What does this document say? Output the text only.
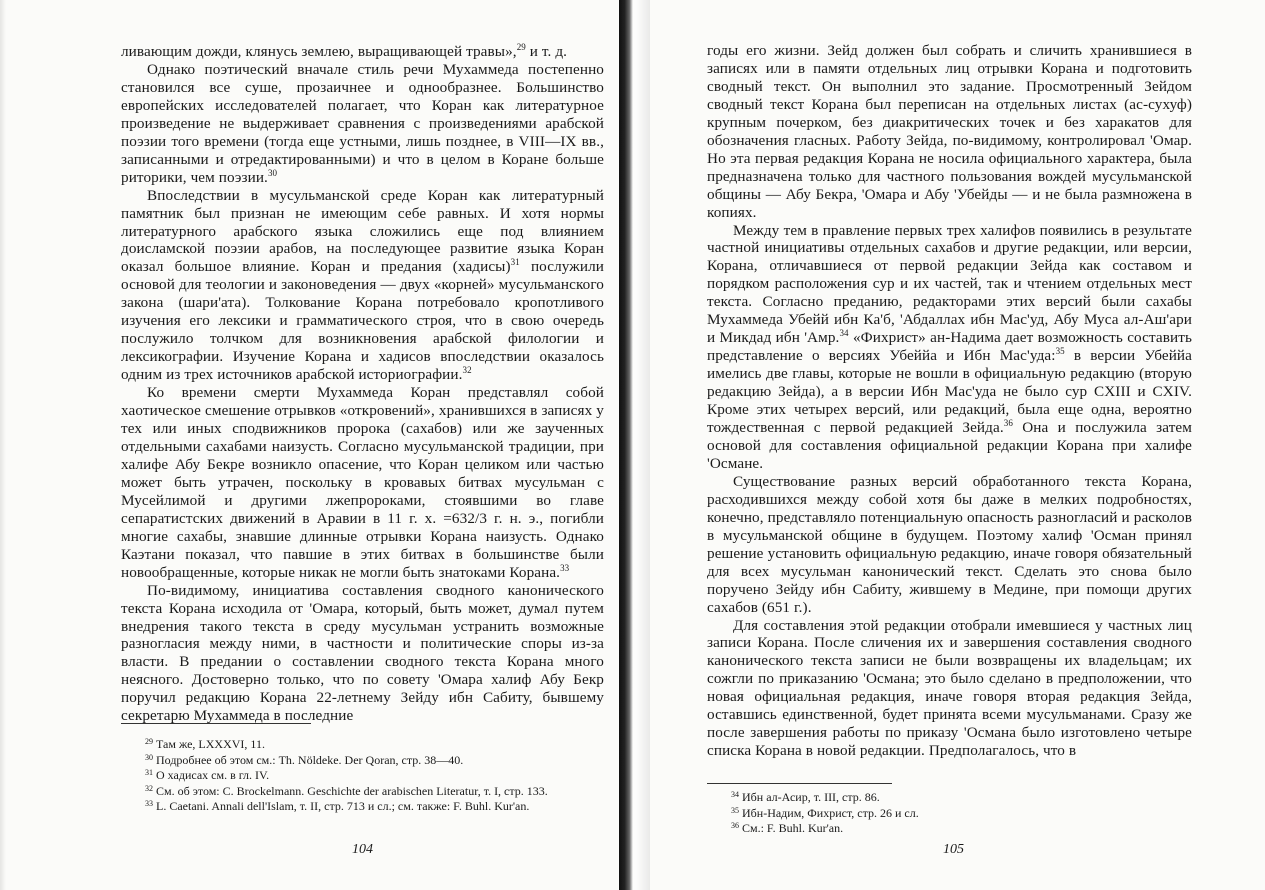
ливающим дожди, клянусь землею, выращивающей травы»,$^{29}$ и т. д.

Однако поэтический вначале стиль речи Мухаммеда постепенно становился все суше, прозаичнее и однообразнее. Большинство европейских исследователей полагает, что Коран как литературное произведение не выдерживает сравнения с произведениями арабской поэзии того времени (тогда еще устными, лишь позднее, в VIII—IX вв., записанными и отредактированными) и что в целом в Коране больше риторики, чем поэзии.$^{30}$

Впоследствии в мусульманской среде Коран как литературный памятник был признан не имеющим себе равных. И хотя нормы литературного арабского языка сложились еще под влиянием доисламской поэзии арабов, на последующее развитие языка Коран оказал большое влияние. Коран и предания (хадисы)$^{31}$ послужили основой для теологии и законоведения — двух «корней» мусульманского закона (шари'ата). Толкование Корана потребовало кропотливого изучения его лексики и грамматического строя, что в свою очередь послужило толчком для возникновения арабской филологии и лексикографии. Изучение Корана и хадисов впоследствии оказалось одним из трех источников арабской историографии.$^{32}$

Ко времени смерти Мухаммеда Коран представлял собой хаотическое смешение отрывков «откровений», хранившихся в записях у тех или иных сподвижников пророка (сахабов) или же заученных отдельными сахабами наизусть. Согласно мусульманской традиции, при халифе Абу Бекре возникло опасение, что Коран целиком или частью может быть утрачен, поскольку в кровавых битвах мусульман с Мусейлимой и другими лжепророками, стоявшими во главе сепаратистских движений в Аравии в 11 г. х. =632/3 г. н. э., погибли многие сахабы, знавшие длинные отрывки Корана наизусть. Однако Каэтани показал, что павшие в этих битвах в большинстве были новообращенные, которые никак не могли быть знатоками Корана.$^{33}$

По-видимому, инициатива составления сводного канонического текста Корана исходила от 'Омара, который, быть может, думал путем внедрения такого текста в среду мусульман устранить возможные разногласия между ними, в частности и политические споры из-за власти. В предании о составлении сводного текста Корана много неясного. Достоверно только, что по совету 'Омара халиф Абу Бекр поручил редакцию Корана 22-летнему Зейду ибн Сабиту, бывшему секретарю Мухаммеда в последние

$^{29}$ Там же, LXXXVI, 11.

$^{30}$ Подробнее об этом см.: Th. Nöldeke. Der Qoran, стр. 38—40.

$^{31}$ О хадисах см. в гл. IV.

$^{32}$ См. об этом: С. Brockelmann. Geschichte der arabischen Literatur, т. I, стр. 133.

$^{33}$ L. Caetani. Annali dell'Islam, т. II, стр. 713 и сл.; см. также: F. Buhl. Kur'an.

104

годы его жизни. Зейд должен был собрать и сличить хранившиеся в записях или в памяти отдельных лиц отрывки Корана и подготовить сводный текст. Он выполнил это задание. Просмотренный Зейдом сводный текст Корана был переписан на отдельных листах (ас-сухуф) крупным почерком, без диакритических точек и без харакатов для обозначения гласных. Работу Зейда, по-видимому, контролировал 'Омар. Но эта первая редакция Корана не носила официального характера, была предназначена только для частного пользования вождей мусульманской общины — Абу Бекра, 'Омара и Абу 'Убейды — и не была размножена в копиях.

Между тем в правление первых трех халифов появились в результате частной инициативы отдельных сахабов и другие редакции, или версии, Корана, отличавшиеся от первой редакции Зейда как составом и порядком расположения сур и их частей, так и чтением отдельных мест текста. Согласно преданию, редакторами этих версий были сахабы Мухаммеда Убейй ибн Ка'б, 'Абдаллах ибн Мас'уд, Абу Муса ал-Аш'ари и Микдад ибн 'Амр.$^{34}$ «Фихрист» ан-Надима дает возможность составить представление о версиях Убеййа и Ибн Мас'уда:$^{35}$ в версии Убеййа имелись две главы, которые не вошли в официальную редакцию (вторую редакцию Зейда), а в версии Ибн Мас'уда не было сур CXIII и CXIV. Кроме этих четырех версий, или редакций, была еще одна, вероятно тождественная с первой редакцией Зейда.$^{36}$ Она и послужила затем основой для составления официальной редакции Корана при халифе 'Османе.

Существование разных версий обработанного текста Корана, расходившихся между собой хотя бы даже в мелких подробностях, конечно, представляло потенциальную опасность разногласий и расколов в мусульманской общине в будущем. Поэтому халиф 'Осман принял решение установить официальную редакцию, иначе говоря обязательный для всех мусульман канонический текст. Сделать это снова было поручено Зейду ибн Сабиту, жившему в Медине, при помощи других сахабов (651 г.).

Для составления этой редакции отобрали имевшиеся у частных лиц записи Корана. После сличения их и завершения составления сводного канонического текста записи не были возвращены их владельцам; их сожгли по приказанию 'Османа; это было сделано в предположении, что новая официальная редакция, иначе говоря вторая редакция Зейда, оставшись единственной, будет принята всеми мусульманами. Сразу же после завершения работы по приказу 'Османа было изготовлено четыре списка Корана в новой редакции. Предполагалось, что в

$^{34}$ Ибн ал-Асир, т. III, стр. 86.

$^{35}$ Ибн-Надим, Фихрист, стр. 26 и сл.

$^{36}$ См.: F. Buhl. Kur'an.

105
